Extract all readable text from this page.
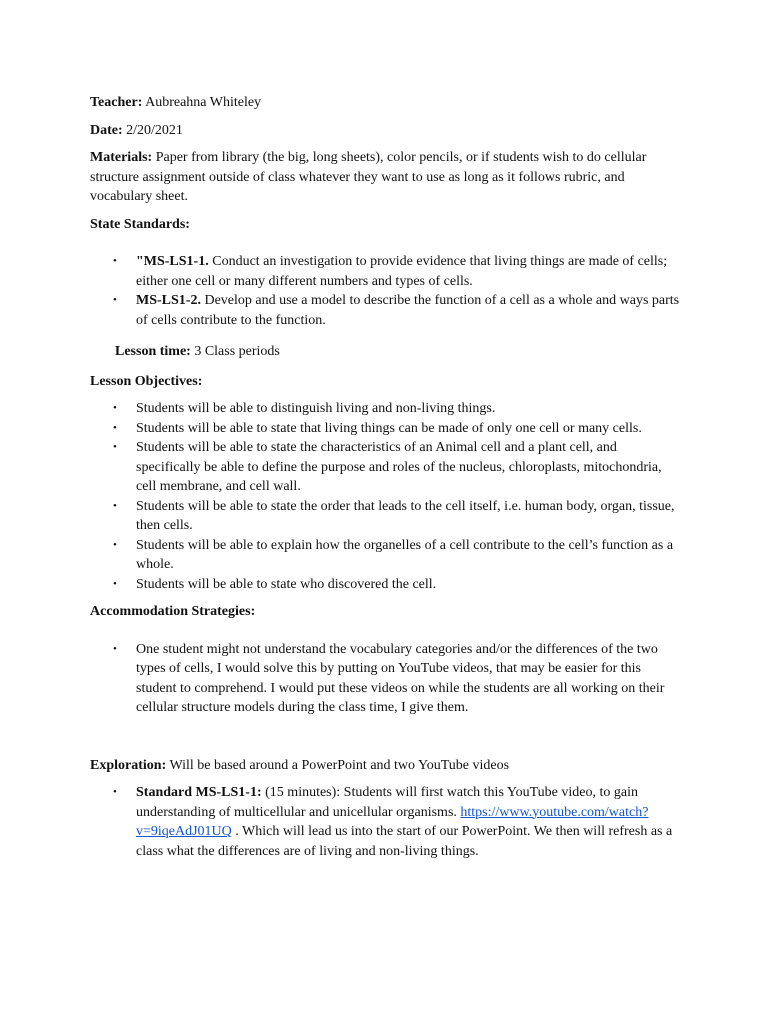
Teacher: Aubreahna Whiteley

Date: 2/20/2021

Materials: Paper from library (the big, long sheets), color pencils, or if students wish to do cellular structure assignment outside of class whatever they want to use as long as it follows rubric, and vocabulary sheet.

State Standards:

• "MS-LS1-1. Conduct an investigation to provide evidence that living things are made of cells; either one cell or many different numbers and types of cells.
• MS-LS1-2. Develop and use a model to describe the function of a cell as a whole and ways parts of cells contribute to the function.

Lesson time: 3 Class periods

Lesson Objectives:

• Students will be able to distinguish living and non-living things.
• Students will be able to state that living things can be made of only one cell or many cells.
• Students will be able to state the characteristics of an Animal cell and a plant cell, and specifically be able to define the purpose and roles of the nucleus, chloroplasts, mitochondria, cell membrane, and cell wall.
• Students will be able to state the order that leads to the cell itself, i.e. human body, organ, tissue, then cells.
• Students will be able to explain how the organelles of a cell contribute to the cell’s function as a whole.
• Students will be able to state who discovered the cell.

Accommodation Strategies:

• One student might not understand the vocabulary categories and/or the differences of the two types of cells, I would solve this by putting on YouTube videos, that may be easier for this student to comprehend. I would put these videos on while the students are all working on their cellular structure models during the class time, I give them.

Exploration: Will be based around a PowerPoint and two YouTube videos

• Standard MS-LS1-1: (15 minutes): Students will first watch this YouTube video, to gain understanding of multicellular and unicellular organisms. https://www.youtube.com/watch?v=9iqeAdJ01UQ . Which will lead us into the start of our PowerPoint. We then will refresh as a class what the differences are of living and non-living things.
